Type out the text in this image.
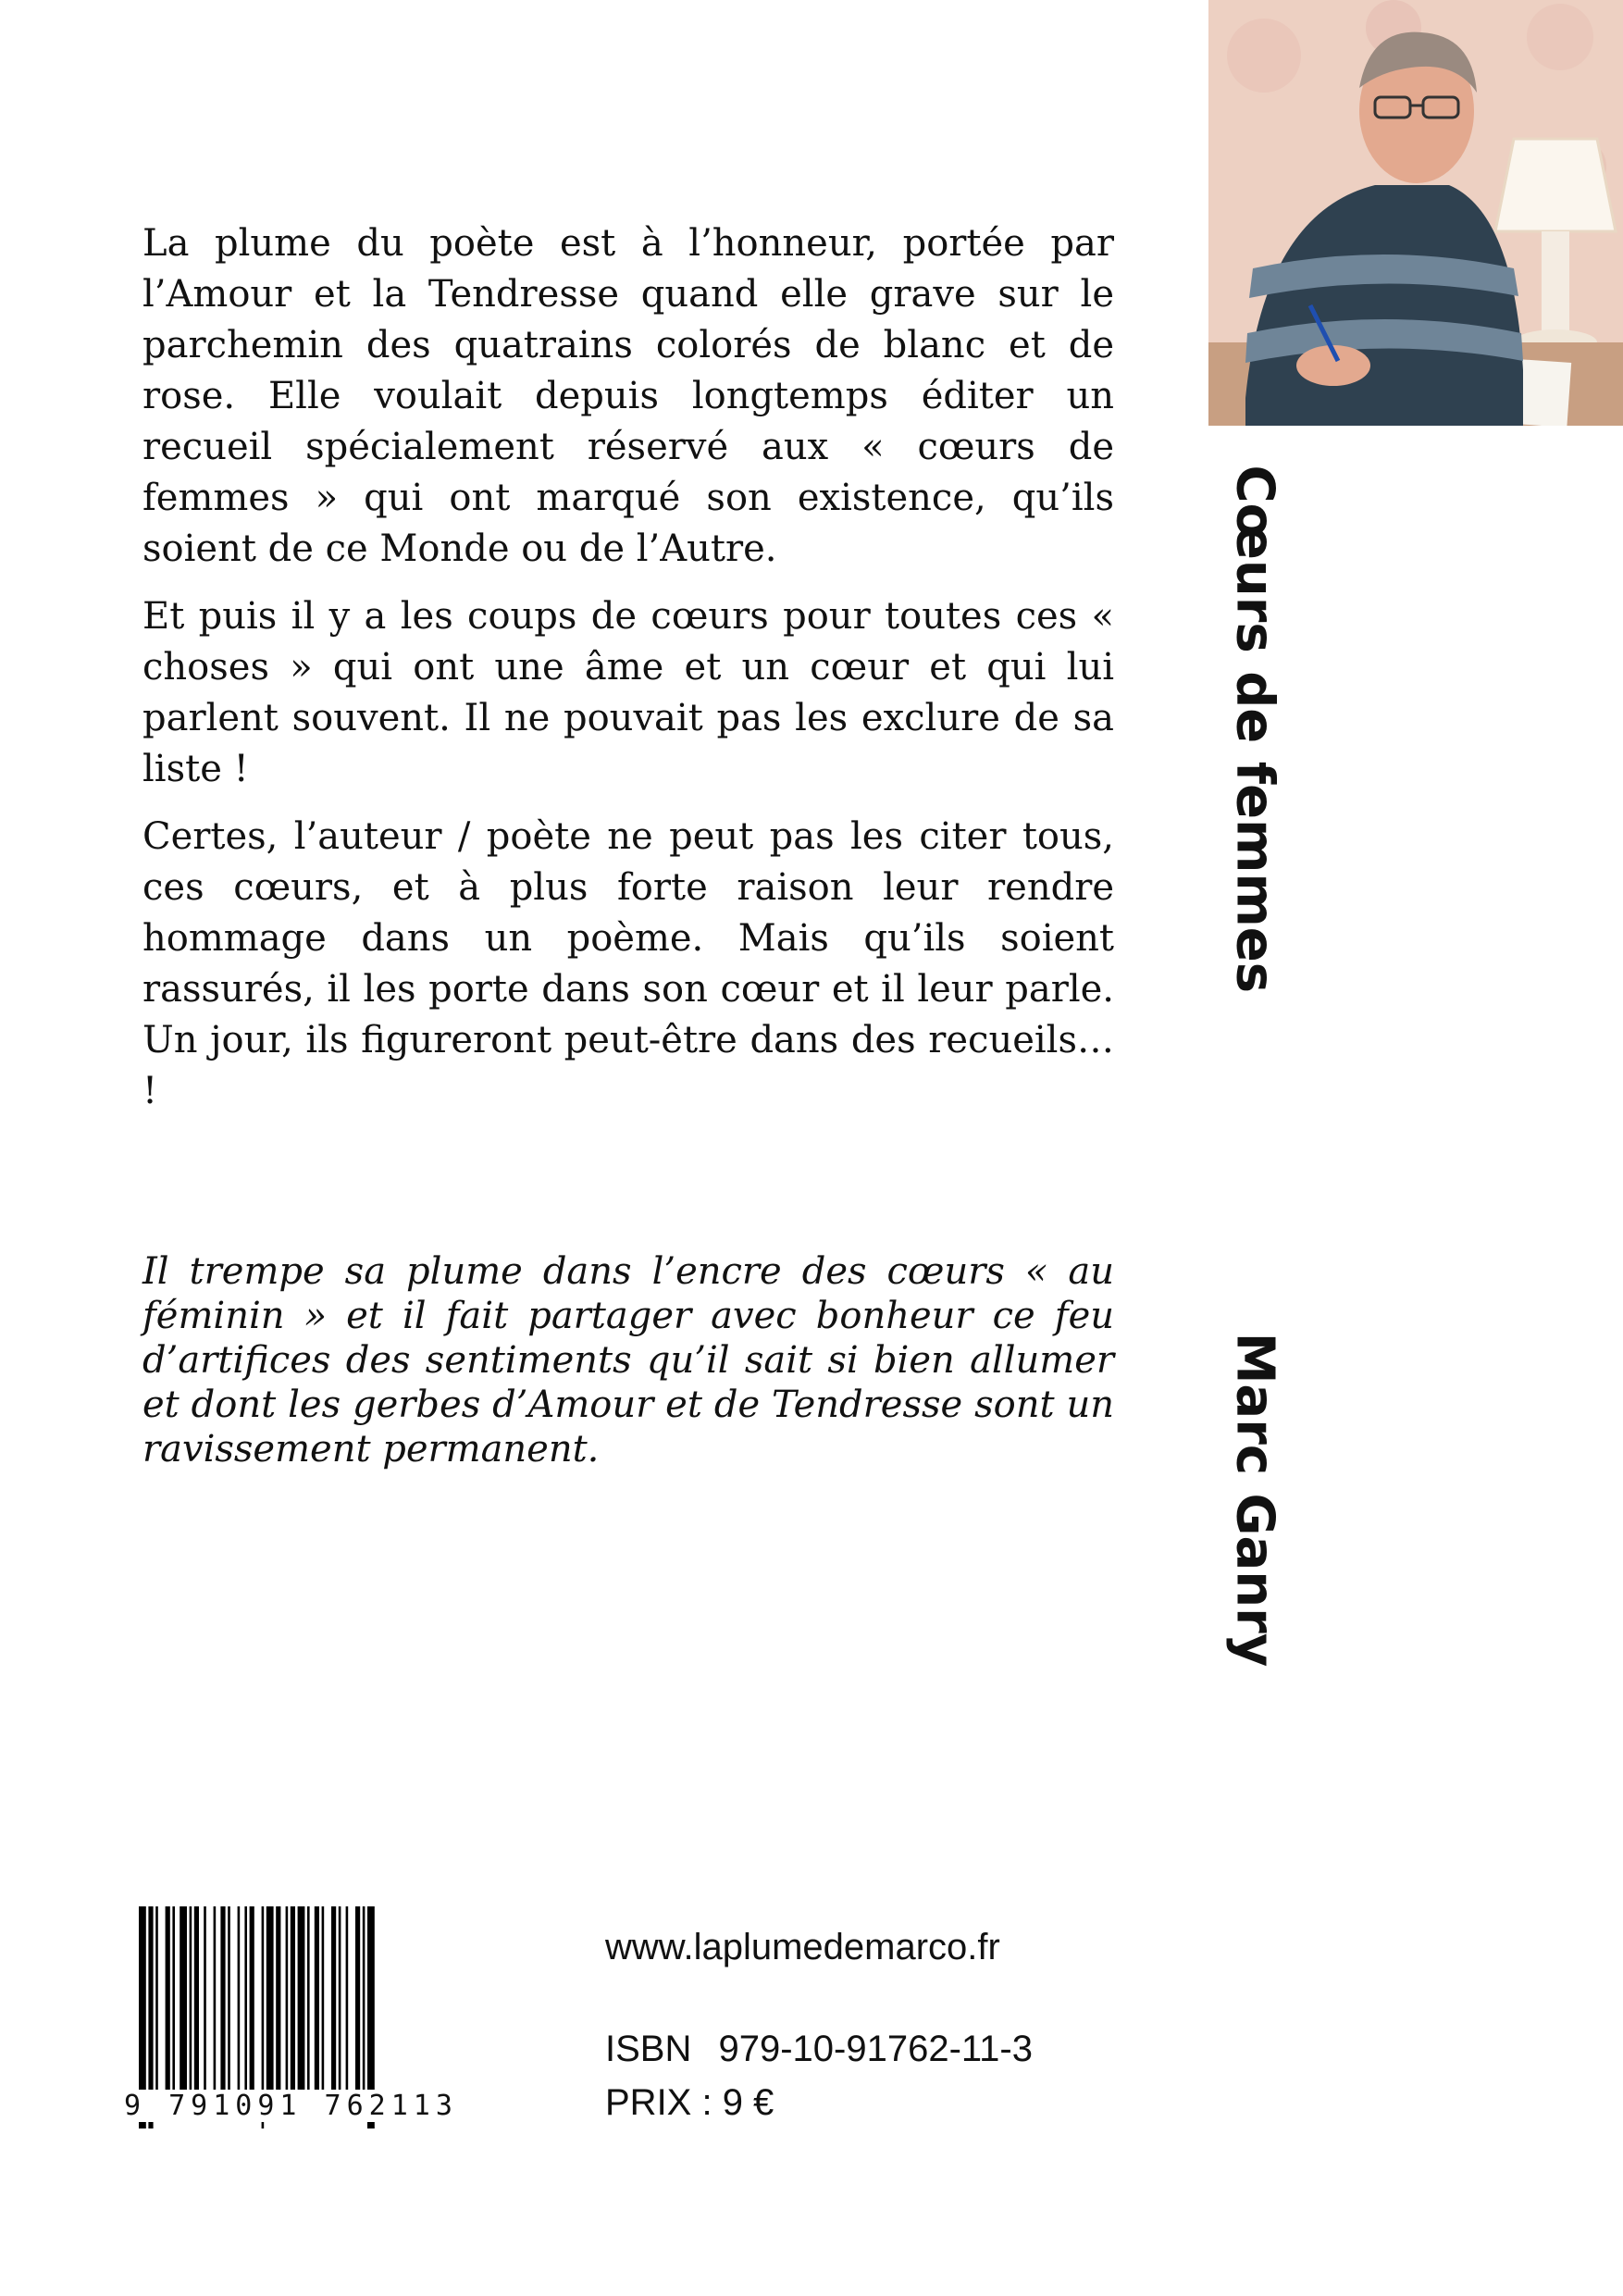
La plume du poète est à l’honneur, portée par l’Amour et la Tendresse quand elle grave sur le parchemin des quatrains colorés de blanc et de rose. Elle voulait depuis longtemps éditer un recueil spécialement réservé aux « cœurs de femmes » qui ont marqué son existence, qu’ils soient de ce Monde ou de l’Autre.

Et puis il y a les coups de cœurs pour toutes ces « choses » qui ont une âme et un cœur et qui lui parlent souvent. Il ne pouvait pas les exclure de sa liste !

Certes, l’auteur / poète ne peut pas les citer tous, ces cœurs, et à plus forte raison leur rendre hommage dans un poème. Mais qu’ils soient rassurés, il les porte dans son cœur et il leur parle. Un jour, ils figureront peut-être dans des recueils… !

Il trempe sa plume dans l’encre des cœurs « au féminin » et il fait partager avec bonheur ce feu d’artifices des sentiments qu’il sait si bien allumer et dont les gerbes d’Amour et de Tendresse sont un ravissement permanent.
Cœurs de femmes
Marc Ganry
9 791091 762113
www.laplumedemarco.fr
ISBN 979-10-91762-11-3
PRIX : 9 €
